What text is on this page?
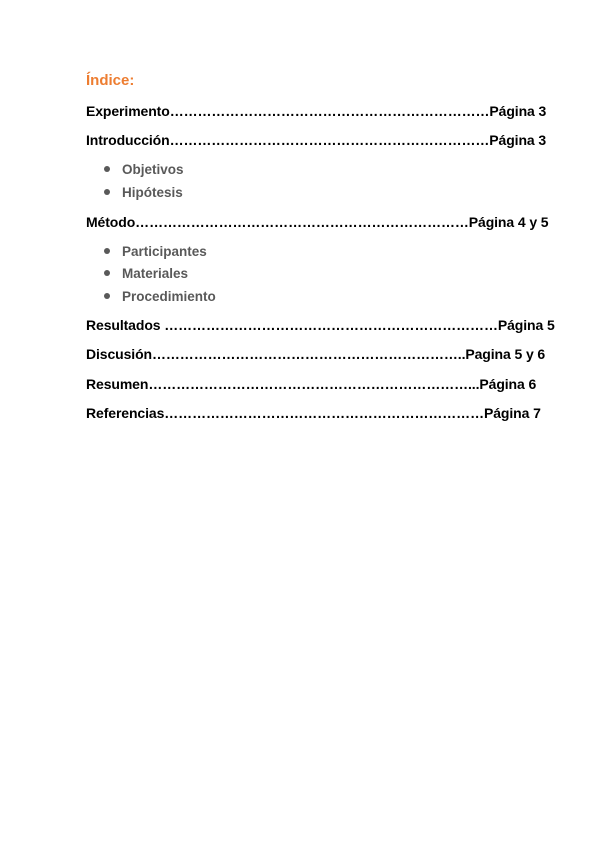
Índice:
Experimento……………………………………………………………Página 3
Introducción……………………………………………………………Página 3
Objetivos
Hipótesis
Método………………………………………………………………Página 4 y 5
Participantes
Materiales
Procedimiento
Resultados ………………………………………………………………Página 5
Discusión…………………………………………………………..Pagina 5 y 6
Resumen……………………………………………………………...Página 6
Referencias……………………………………………………………Página 7
